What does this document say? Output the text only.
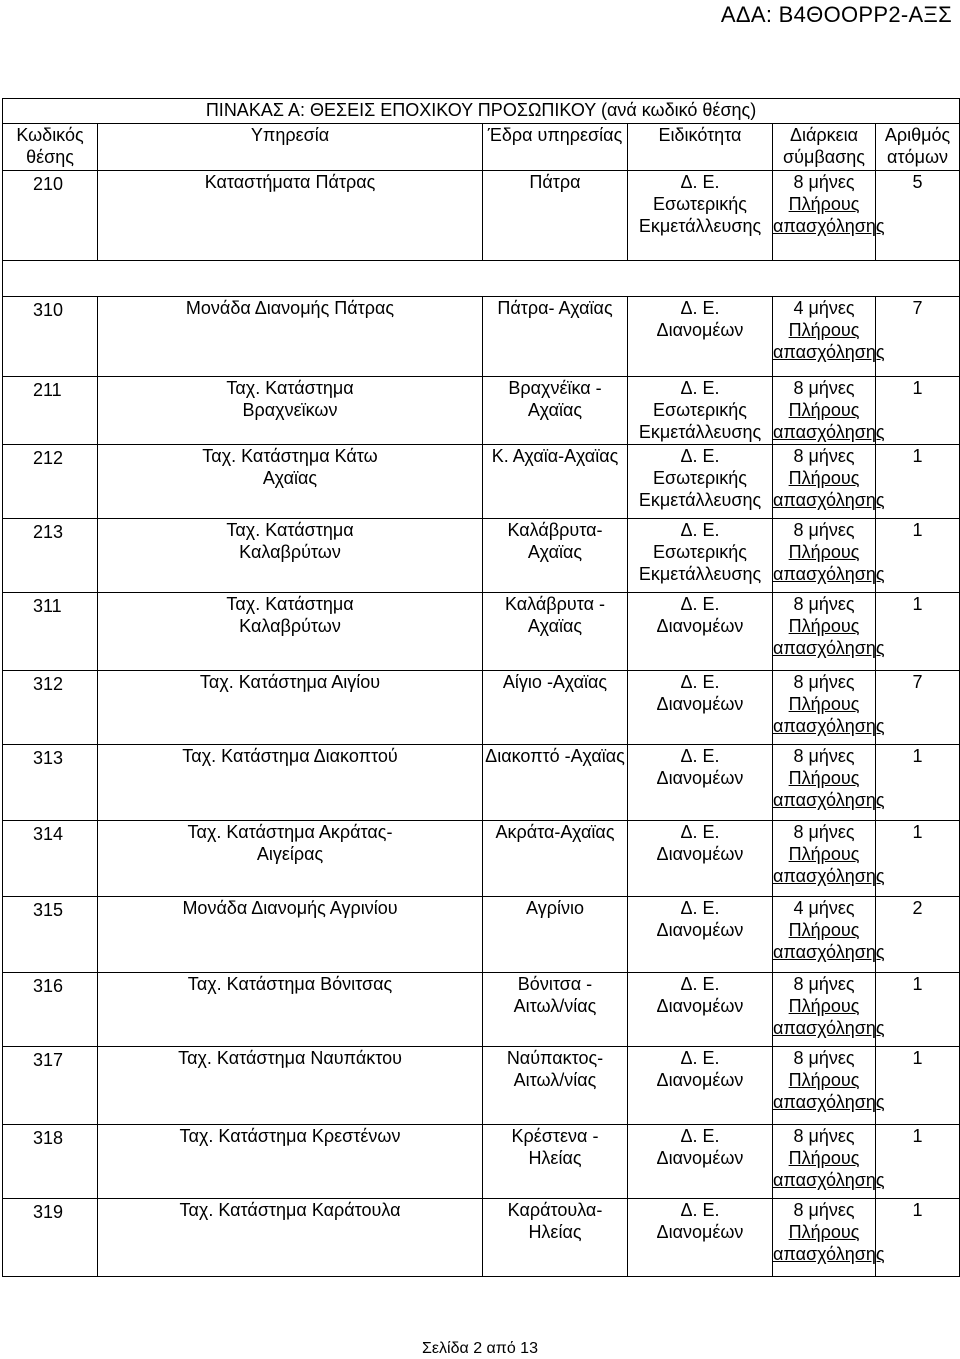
ΑΔΑ: Β4ΘΟΟΡΡ2-ΑΞΣ
ΠΙΝΑΚΑΣ Α: ΘΕΣΕΙΣ ΕΠΟΧΙΚΟΥ ΠΡΟΣΩΠΙΚΟΥ (ανά κωδικό θέσης)					
Κωδικός
θέσης	Υπηρεσία	Έδρα υπηρεσίας	Ειδικότητα	Διάρκεια
σύμβασης	Αριθμός
ατόμων
210	Καταστήματα Πάτρας	Πάτρα	Δ. Ε.
Εσωτερικής
Εκμετάλλευσης	8 μήνες
Πλήρους
απασχόλησης	5

310	Μονάδα Διανομής Πάτρας	Πάτρα- Αχαϊας	Δ. Ε.
Διανομέων	4 μήνες
Πλήρους
απασχόλησης	7
211	Ταχ. Κατάστημα
Βραχνεϊκων	Βραχνέϊκα -
Αχαϊας	Δ. Ε.
Εσωτερικής
Εκμετάλλευσης	8 μήνες
Πλήρους
απασχόλησης	1
212	Ταχ. Κατάστημα Κάτω
Αχαϊας	Κ. Αχαϊα-Αχαϊας	Δ. Ε.
Εσωτερικής
Εκμετάλλευσης	8 μήνες
Πλήρους
απασχόλησης	1
213	Ταχ. Κατάστημα
Καλαβρύτων	Καλάβρυτα-
Αχαϊας	Δ. Ε.
Εσωτερικής
Εκμετάλλευσης	8 μήνες
Πλήρους
απασχόλησης	1
311	Ταχ. Κατάστημα
Καλαβρύτων	Καλάβρυτα -
Αχαϊας	Δ. Ε.
Διανομέων	8 μήνες
Πλήρους
απασχόλησης	1
312	Ταχ. Κατάστημα Αιγίου	Αίγιο -Αχαϊας	Δ. Ε.
Διανομέων	8 μήνες
Πλήρους
απασχόλησης	7
313	Ταχ. Κατάστημα Διακοπτού	Διακοπτό -Αχαϊας	Δ. Ε.
Διανομέων	8 μήνες
Πλήρους
απασχόλησης	1
314	Ταχ. Κατάστημα Ακράτας-
Αιγείρας	Ακράτα-Αχαϊας	Δ. Ε.
Διανομέων	8 μήνες
Πλήρους
απασχόλησης	1
315	Μονάδα Διανομής Αγρινίου	Αγρίνιο	Δ. Ε.
Διανομέων	4 μήνες
Πλήρους
απασχόλησης	2
316	Ταχ. Κατάστημα Βόνιτσας	Βόνιτσα -
Αιτωλ/νίας	Δ. Ε.
Διανομέων	8 μήνες
Πλήρους
απασχόλησης	1
317	Ταχ. Κατάστημα Ναυπάκτου	Ναύπακτος-
Αιτωλ/νίας	Δ. Ε.
Διανομέων	8 μήνες
Πλήρους
απασχόλησης	1
318	Ταχ. Κατάστημα Κρεστένων	Κρέστενα - Ηλείας	Δ. Ε.
Διανομέων	8 μήνες
Πλήρους
απασχόλησης	1
319	Ταχ. Κατάστημα Καράτουλα	Καράτουλα-
Ηλείας	Δ. Ε.
Διανομέων	8 μήνες
Πλήρους
απασχόλησης	1
Σελίδα 2 από 13
